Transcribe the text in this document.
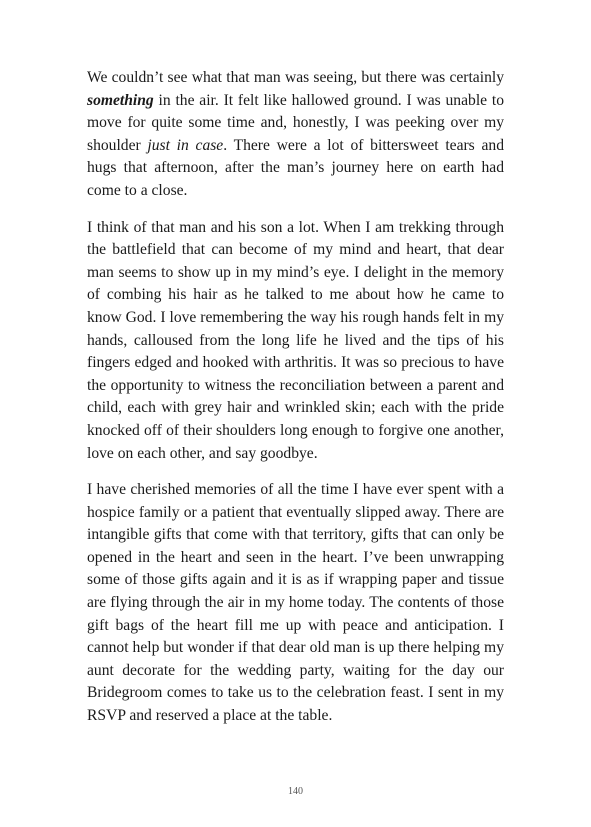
We couldn’t see what that man was seeing, but there was certainly something in the air. It felt like hallowed ground. I was unable to move for quite some time and, honestly, I was peeking over my shoulder just in case. There were a lot of bittersweet tears and hugs that afternoon, after the man’s journey here on earth had come to a close.

I think of that man and his son a lot. When I am trekking through the battlefield that can become of my mind and heart, that dear man seems to show up in my mind’s eye. I delight in the memory of combing his hair as he talked to me about how he came to know God. I love remembering the way his rough hands felt in my hands, calloused from the long life he lived and the tips of his fingers edged and hooked with arthritis. It was so precious to have the opportunity to witness the reconciliation between a parent and child, each with grey hair and wrinkled skin; each with the pride knocked off of their shoulders long enough to forgive one another, love on each other, and say goodbye.

I have cherished memories of all the time I have ever spent with a hospice family or a patient that eventually slipped away. There are intangible gifts that come with that territory, gifts that can only be opened in the heart and seen in the heart. I’ve been unwrapping some of those gifts again and it is as if wrapping paper and tissue are flying through the air in my home today. The contents of those gift bags of the heart fill me up with peace and anticipation. I cannot help but wonder if that dear old man is up there helping my aunt decorate for the wedding party, waiting for the day our Bridegroom comes to take us to the celebration feast. I sent in my RSVP and reserved a place at the table.

140
